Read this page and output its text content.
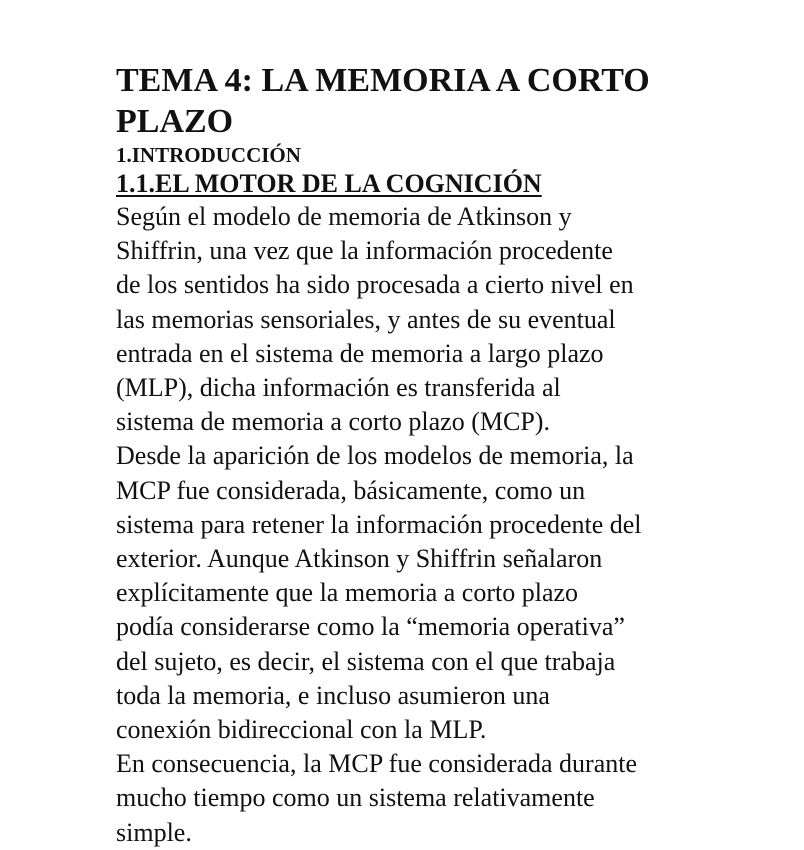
TEMA 4: LA MEMORIA A CORTO
PLAZO
1.INTRODUCCIÓN
1.1.EL MOTOR DE LA COGNICIÓN

Según el modelo de memoria de Atkinson y
Shiffrin, una vez que la información procedente
de los sentidos ha sido procesada a cierto nivel en
las memorias sensoriales, y antes de su eventual
entrada en el sistema de memoria a largo plazo
(MLP), dicha información es transferida al
sistema de memoria a corto plazo (MCP).

Desde la aparición de los modelos de memoria, la
MCP fue considerada, básicamente, como un
sistema para retener la información procedente del
exterior. Aunque Atkinson y Shiffrin señalaron
explícitamente que la memoria a corto plazo
podía considerarse como la “memoria operativa”
del sujeto, es decir, el sistema con el que trabaja
toda la memoria, e incluso asumieron una
conexión bidireccional con la MLP.

En consecuencia, la MCP fue considerada durante
mucho tiempo como un sistema relativamente
simple.
